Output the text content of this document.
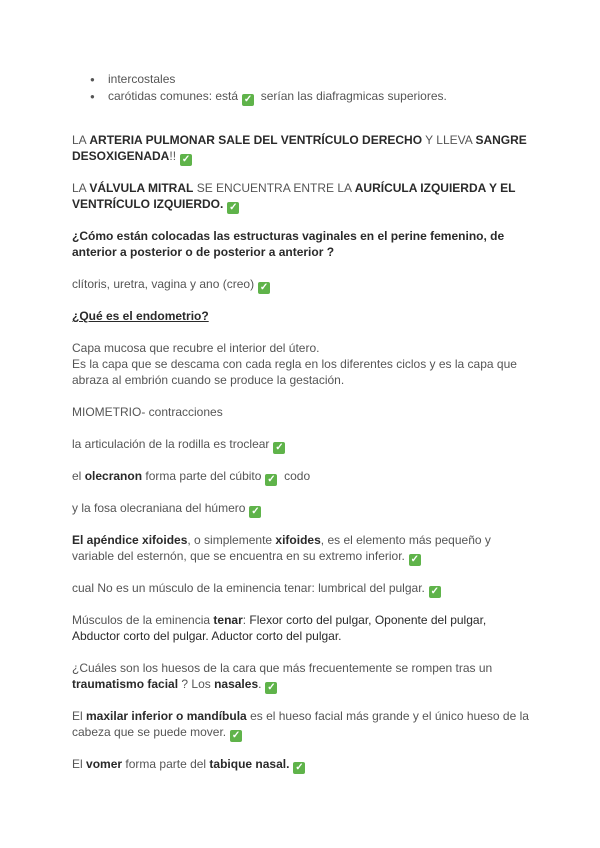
● intercostales
● carótidas comunes: está ✓ serían las diafragmicas superiores.
LA ARTERIA PULMONAR SALE DEL VENTRÍCULO DERECHO Y LLEVA SANGRE DESOXIGENADA!! ✓
LA VÁLVULA MITRAL SE ENCUENTRA ENTRE LA AURÍCULA IZQUIERDA Y EL VENTRÍCULO IZQUIERDO. ✓
¿Cómo están colocadas las estructuras vaginales en el perine femenino, de anterior a posterior o de posterior a anterior ?
clítoris, uretra, vagina y ano (creo) ✓
¿Qué es el endometrio?
Capa mucosa que recubre el interior del útero.
Es la capa que se descama con cada regla en los diferentes ciclos y es la capa que abraza al embrión cuando se produce la gestación.
MIOMETRIO- contracciones
la articulación de la rodilla es troclear ✓
el olecranon forma parte del cúbito ✓ codo
y la fosa olecraniana del húmero ✓
El apéndice xifoides, o simplemente xifoides, es el elemento más pequeño y variable del esternón, que se encuentra en su extremo inferior. ✓
cual No es un músculo de la eminencia tenar: lumbrical del pulgar. ✓
Músculos de la eminencia tenar: Flexor corto del pulgar, Oponente del pulgar, Abductor corto del pulgar. Aductor corto del pulgar.
¿Cuáles son los huesos de la cara que más frecuentemente se rompen tras un traumatismo facial ? Los nasales. ✓
El maxilar inferior o mandíbula es el hueso facial más grande y el único hueso de la cabeza que se puede mover. ✓
El vomer forma parte del tabique nasal. ✓
